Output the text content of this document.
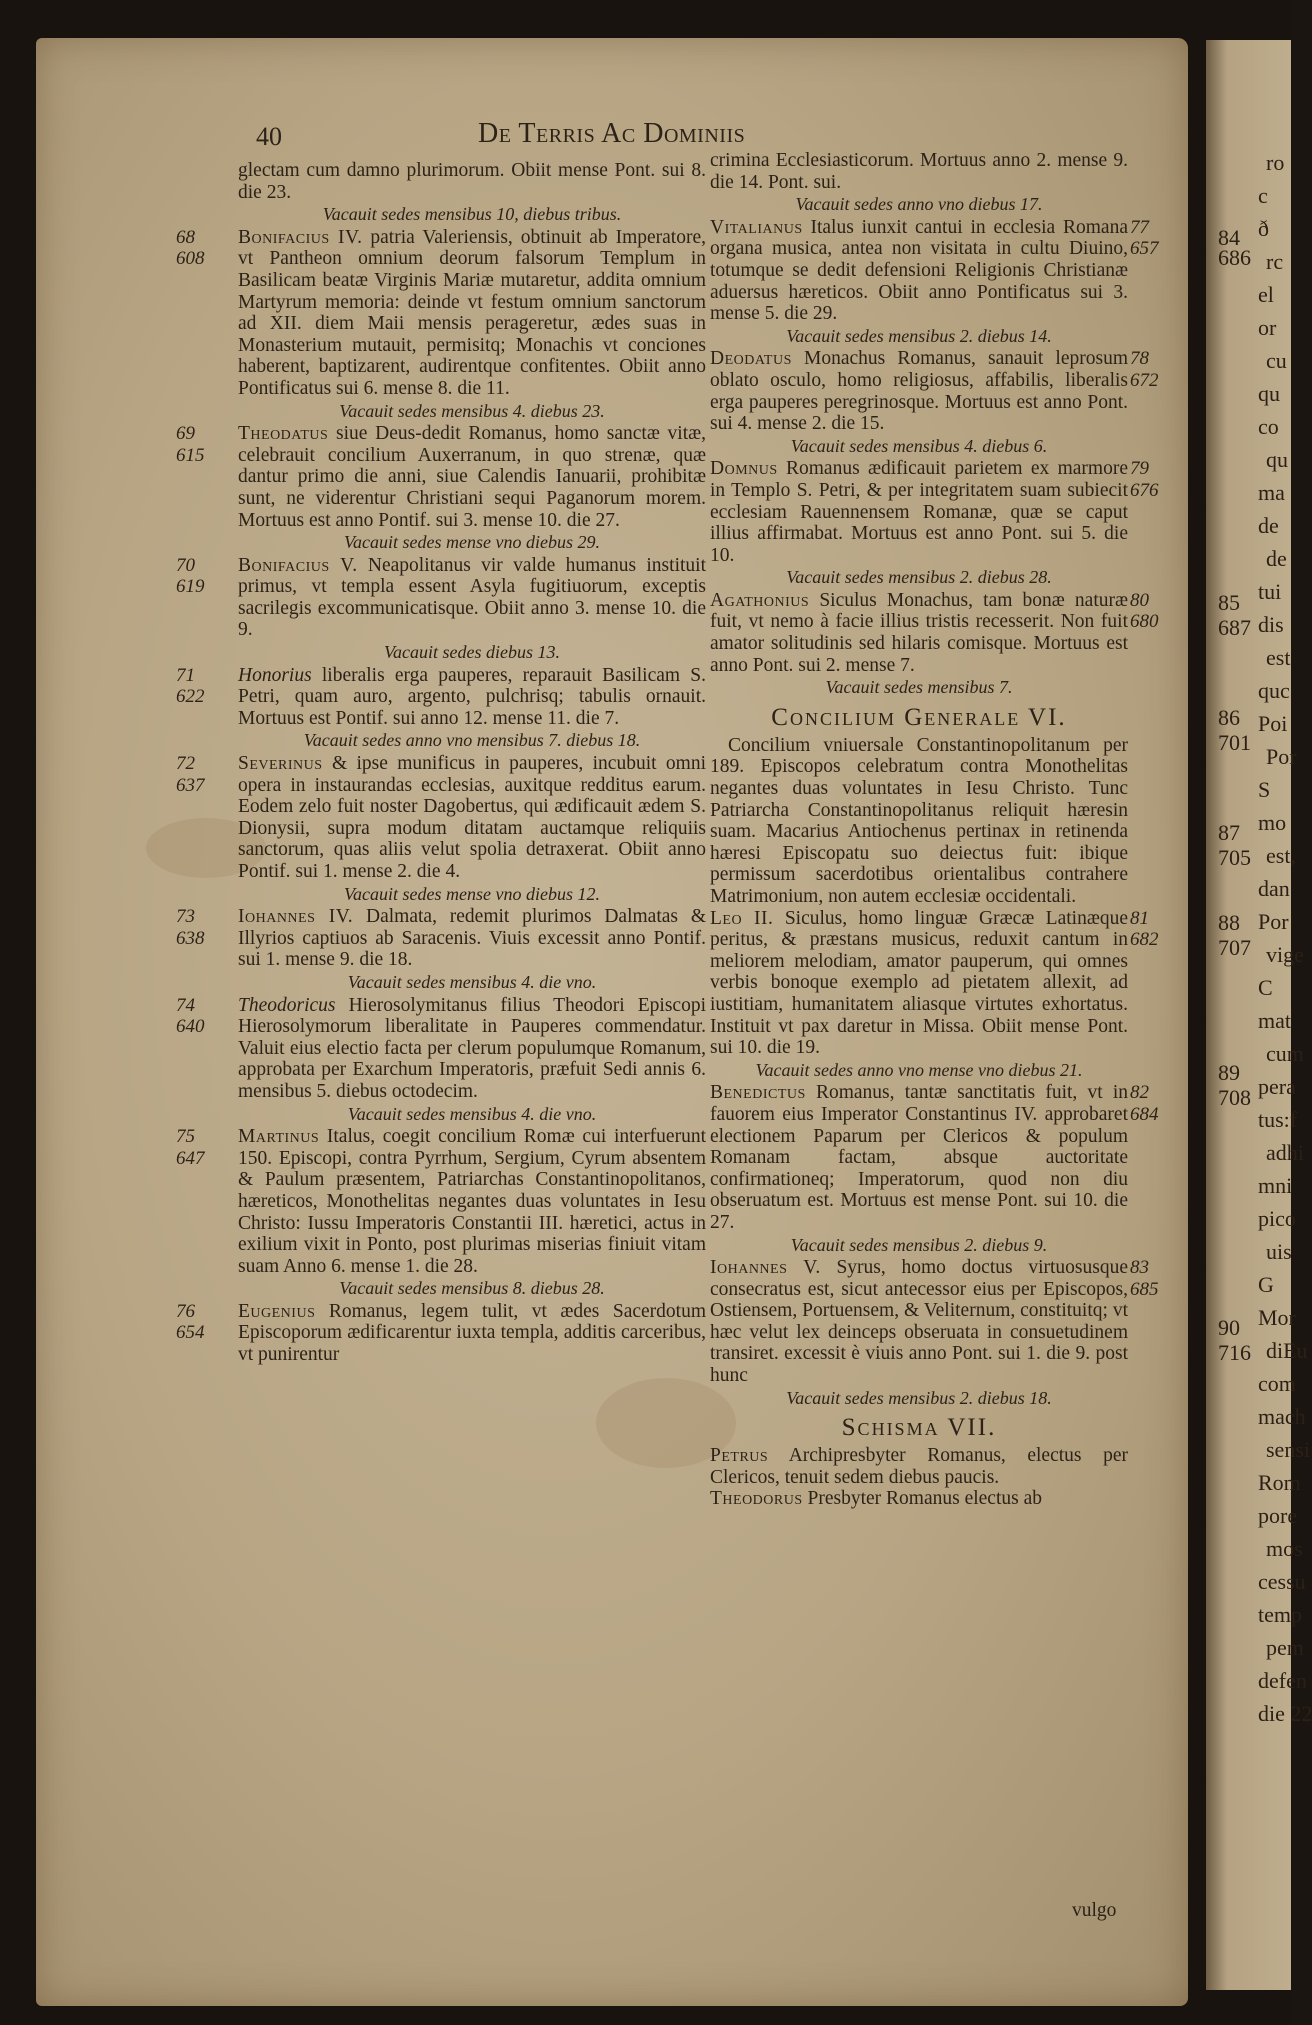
84
686
85
687
86
701
87
705
88
707
89
708
90
716
ro
c
ð
rc
el
or
cu
qu
co
qu
ma
de
de
tui
dis
est
quc
Poi
Por
S
mo
est,
dan
Por
vige
C
mat
cum
pera
tus:f
adhi
mni
pico
uis
G
Mor
diEu
com
mach
sensi
Rom
pore
mos
cessu
temp
pem
defen
die 22
40	De Terris Ac Dominiis

glectam cum damno plurimorum. Obiit mense Pont. sui 8. die 23.

Vacauit sedes mensibus 10, diebus tribus.

68
608
Bonifacius IV. patria Valeriensis, obtinuit ab Imperatore, vt Pantheon omnium deorum falsorum Templum in Basilicam beatæ Virginis Mariæ mutaretur, addita omnium Martyrum memoria: deinde vt festum omnium sanctorum ad XII. diem Maii mensis perageretur, ædes suas in Monasterium mutauit, permisitq; Monachis vt conciones haberent, baptizarent, audirentque confitentes. Obiit anno Pontificatus sui 6. mense 8. die 11.

Vacauit sedes mensibus 4. diebus 23.

69
615
Theodatus siue Deus-dedit Romanus, homo sanctæ vitæ, celebrauit concilium Auxerranum, in quo strenæ, quæ dantur primo die anni, siue Calendis Ianuarii, prohibitæ sunt, ne viderentur Christiani sequi Paganorum morem. Mortuus est anno Pontif. sui 3. mense 10. die 27.

Vacauit sedes mense vno diebus 29.

70
619
Bonifacius V. Neapolitanus vir valde humanus instituit primus, vt templa essent Asyla fugitiuorum, exceptis sacrilegis excommunicatisque. Obiit anno 3. mense 10. die 9.

Vacauit sedes diebus 13.

71
622
Honorius liberalis erga pauperes, reparauit Basilicam S. Petri, quam auro, argento, pulchrisq; tabulis ornauit. Mortuus est Pontif. sui anno 12. mense 11. die 7.

Vacauit sedes anno vno mensibus 7. diebus 18.

72
637
Severinus & ipse munificus in pauperes, incubuit omni opera in instaurandas ecclesias, auxitque redditus earum. Eodem zelo fuit noster Dagobertus, qui ædificauit ædem S. Dionysii, supra modum ditatam auctamque reliquiis sanctorum, quas aliis velut spolia detraxerat. Obiit anno Pontif. sui 1. mense 2. die 4.

Vacauit sedes mense vno diebus 12.

73
638
Iohannes IV. Dalmata, redemit plurimos Dalmatas & Illyrios captiuos ab Saracenis. Viuis excessit anno Pontif. sui 1. mense 9. die 18.

Vacauit sedes mensibus 4. die vno.

74
640
Theodoricus Hierosolymitanus filius Theodori Episcopi Hierosolymorum liberalitate in Pauperes commendatur. Valuit eius electio facta per clerum populumque Romanum, approbata per Exarchum Imperatoris, præfuit Sedi annis 6. mensibus 5. diebus octodecim.

Vacauit sedes mensibus 4. die vno.

75
647
Martinus Italus, coegit concilium Romæ cui interfuerunt 150. Episcopi, contra Pyrrhum, Sergium, Cyrum absentem & Paulum præsentem, Patriarchas Constantinopolitanos, hæreticos, Monothelitas negantes duas voluntates in Iesu Christo: Iussu Imperatoris Constantii III. hæretici, actus in exilium vixit in Ponto, post plurimas miserias finiuit vitam suam Anno 6. mense 1. die 28.

Vacauit sedes mensibus 8. diebus 28.

76
654
Eugenius Romanus, legem tulit, vt ædes Sacerdotum Episcoporum ædificarentur iuxta templa, additis carceribus, vt punirentur

crimina Ecclesiasticorum. Mortuus anno 2. mense 9. die 14. Pont. sui.

Vacauit sedes anno vno diebus 17.

77
657
Vitalianus Italus iunxit cantui in ecclesia Romana organa musica, antea non visitata in cultu Diuino, totumque se dedit defensioni Religionis Christianæ aduersus hæreticos. Obiit anno Pontificatus sui 3. mense 5. die 29.

Vacauit sedes mensibus 2. diebus 14.

78
672
Deodatus Monachus Romanus, sanauit leprosum oblato osculo, homo religiosus, affabilis, liberalis erga pauperes peregrinosque. Mortuus est anno Pont. sui 4. mense 2. die 15.

Vacauit sedes mensibus 4. diebus 6.

79
676
Domnus Romanus ædificauit parietem ex marmore in Templo S. Petri, & per integritatem suam subiecit ecclesiam Rauennensem Romanæ, quæ se caput illius affirmabat. Mortuus est anno Pont. sui 5. die 10.

Vacauit sedes mensibus 2. diebus 28.

80
680
Agathonius Siculus Monachus, tam bonæ naturæ fuit, vt nemo à facie illius tristis recesserit. Non fuit amator solitudinis sed hilaris comisque. Mortuus est anno Pont. sui 2. mense 7.

Vacauit sedes mensibus 7.

Concilium Generale VI.

Concilium vniuersale Constantinopolitanum per 189. Episcopos celebratum contra Monothelitas negantes duas voluntates in Iesu Christo. Tunc Patriarcha Constantinopolitanus reliquit hæresin suam. Macarius Antiochenus pertinax in retinenda hæresi Episcopatu suo deiectus fuit: ibique permissum sacerdotibus orientalibus contrahere Matrimonium, non autem ecclesiæ occidentali.

81
682
Leo II. Siculus, homo linguæ Græcæ Latinæque peritus, & præstans musicus, reduxit cantum in meliorem melodiam, amator pauperum, qui omnes verbis bonoque exemplo ad pietatem allexit, ad iustitiam, humanitatem aliasque virtutes exhortatus. Instituit vt pax daretur in Missa. Obiit mense Pont. sui 10. die 19.

Vacauit sedes anno vno mense vno diebus 21.

82
684
Benedictus Romanus, tantæ sanctitatis fuit, vt in fauorem eius Imperator Constantinus IV. approbaret electionem Paparum per Clericos & populum Romanam factam, absque auctoritate confirmationeq; Imperatorum, quod non diu obseruatum est. Mortuus est mense Pont. sui 10. die 27.

Vacauit sedes mensibus 2. diebus 9.

83
685
Iohannes V. Syrus, homo doctus virtuosusque consecratus est, sicut antecessor eius per Episcopos, Ostiensem, Portuensem, & Veliternum, constituitq; vt hæc velut lex deinceps obseruata in consuetudinem transiret. excessit è viuis anno Pont. sui 1. die 9. post hunc

Vacauit sedes mensibus 2. diebus 18.

Schisma VII.

Petrus Archipresbyter Romanus, electus per Clericos, tenuit sedem diebus paucis.

Theodorus Presbyter Romanus electus ab

vulgo
